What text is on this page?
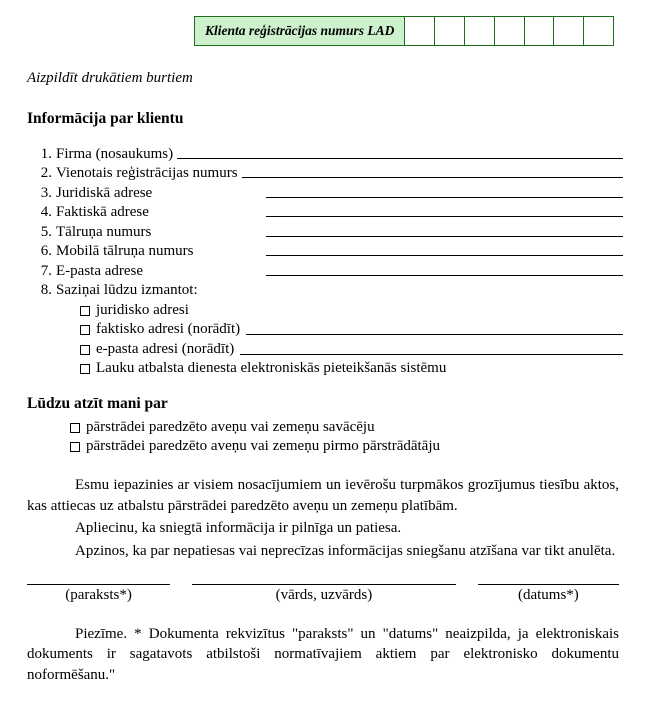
Klienta reģistrācijas numurs LAD
Aizpildīt drukātiem burtiem
Informācija par klientu
1. Firma (nosaukums)
2. Vienotais reģistrācijas numurs
3. Juridiskā adrese
4. Faktiskā adrese
5. Tālruņa numurs
6. Mobilā tālruņa numurs
7. E-pasta adrese
8. Saziņai lūdzu izmantot:
juridisko adresi
faktisko adresi (norādīt)
e-pasta adresi (norādīt)
Lauku atbalsta dienesta elektroniskās pieteikšanās sistēmu
Lūdzu atzīt mani par
pārstrādei paredzēto aveņu vai zemeņu savācēju
pārstrādei paredzēto aveņu vai zemeņu pirmo pārstrādātāju

Esmu iepazinies ar visiem nosacījumiem un ievērošu turpmākos grozījumus tiesību aktos, kas attiecas uz atbalstu pārstrādei paredzēto aveņu un zemeņu platībām.

Apliecinu, ka sniegtā informācija ir pilnīga un patiesa.

Apzinos, ka par nepatiesas vai neprecīzas informācijas sniegšanu atzīšana var tikt anulēta.

(paraksts*)	(vārds, uzvārds)	(datums*)

Piezīme. * Dokumenta rekvizītus "paraksts" un "datums" neaizpilda, ja elektroniskais dokuments ir sagatavots atbilstoši normatīvajiem aktiem par elektronisko dokumentu noformēšanu."
